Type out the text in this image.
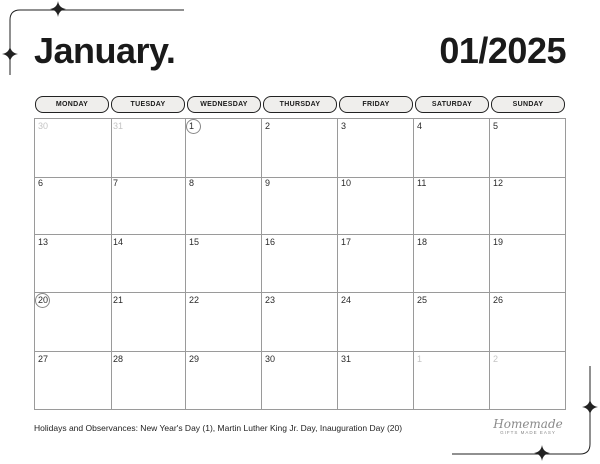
January.	01/2025
MONDAY	TUESDAY	WEDNESDAY	THURSDAY	FRIDAY	SATURDAY	SUNDAY
30	31	1	2	3	4	5
6	7	8	9	10	11	12
13	14	15	16	17	18	19
20	21	22	23	24	25	26
27	28	29	30	31	1	2
Holidays and Observances: New Year's Day (1), Martin Luther King Jr. Day, Inauguration Day (20)	Homemade
GIFTS MADE EASY
